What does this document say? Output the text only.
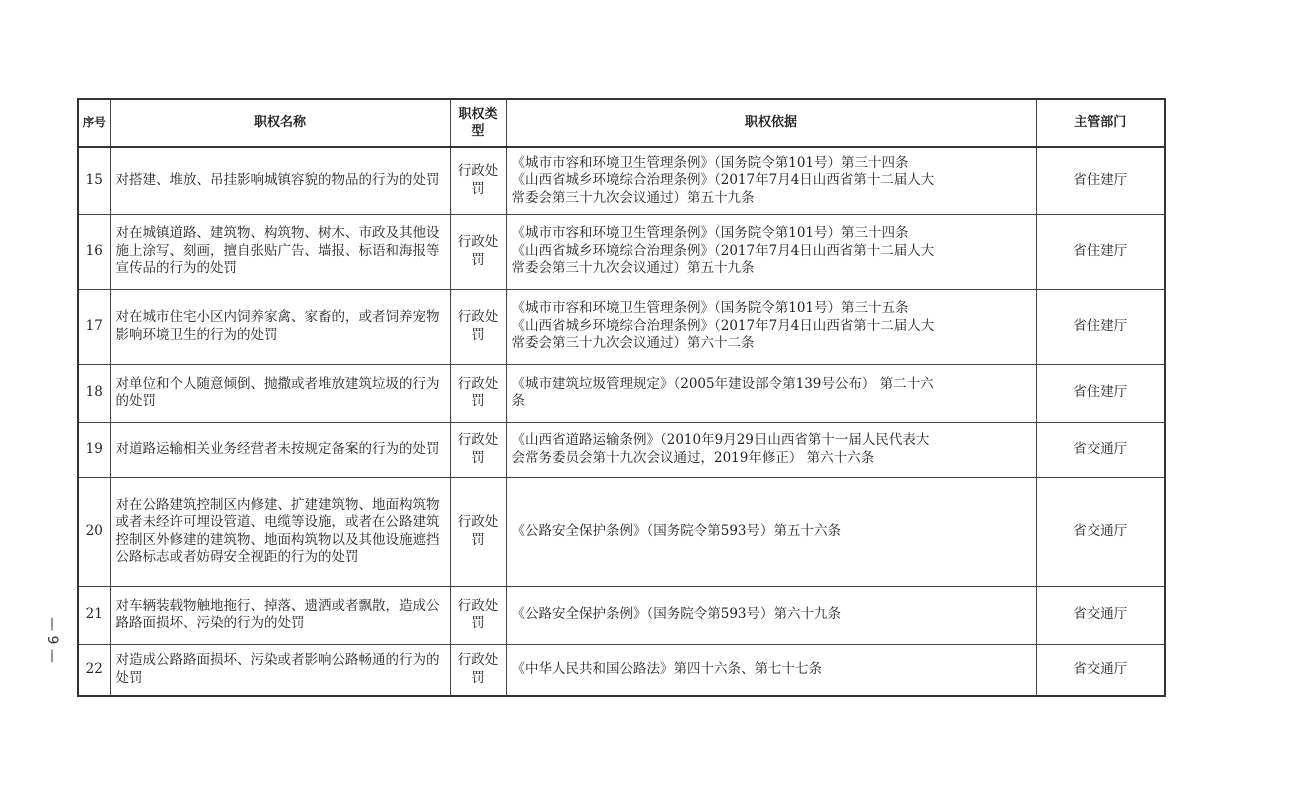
— 9 —
序号	职权名称	职权类型	职权依据	主管部门
15	对搭建、堆放、吊挂影响城镇容貌的物品的行为的处罚	行政处罚	《城市市容和环境卫生管理条例》（国务院令第101号）第三十四条
《山西省城乡环境综合治理条例》（2017年7月4日山西省第十二届人大
常委会第三十九次会议通过）第五十九条	省住建厅
16	对在城镇道路、建筑物、构筑物、树木、市政及其他设施上涂写、刻画，擅自张贴广告、墙报、标语和海报等宣传品的行为的处罚	行政处罚	《城市市容和环境卫生管理条例》（国务院令第101号）第三十四条
《山西省城乡环境综合治理条例》（2017年7月4日山西省第十二届人大
常委会第三十九次会议通过）第五十九条	省住建厅
17	对在城市住宅小区内饲养家禽、家畜的，或者饲养宠物影响环境卫生的行为的处罚	行政处罚	《城市市容和环境卫生管理条例》（国务院令第101号）第三十五条
《山西省城乡环境综合治理条例》（2017年7月4日山西省第十二届人大
常委会第三十九次会议通过）第六十二条	省住建厅
18	对单位和个人随意倾倒、抛撒或者堆放建筑垃圾的行为的处罚	行政处罚	《城市建筑垃圾管理规定》（2005年建设部令第139号公布） 第二十六
条	省住建厅
19	对道路运输相关业务经营者未按规定备案的行为的处罚	行政处罚	《山西省道路运输条例》（2010年9月29日山西省第十一届人民代表大
会常务委员会第十九次会议通过，2019年修正） 第六十六条	省交通厅
20	对在公路建筑控制区内修建、扩建建筑物、地面构筑物或者未经许可埋设管道、电缆等设施，或者在公路建筑控制区外修建的建筑物、地面构筑物以及其他设施遮挡公路标志或者妨碍安全视距的行为的处罚	行政处罚	《公路安全保护条例》（国务院令第593号）第五十六条	省交通厅
21	对车辆装载物触地拖行、掉落、遗洒或者飘散，造成公路路面损坏、污染的行为的处罚	行政处罚	《公路安全保护条例》（国务院令第593号）第六十九条	省交通厅
22	对造成公路路面损坏、污染或者影响公路畅通的行为的处罚	行政处罚	《中华人民共和国公路法》第四十六条、第七十七条	省交通厅
